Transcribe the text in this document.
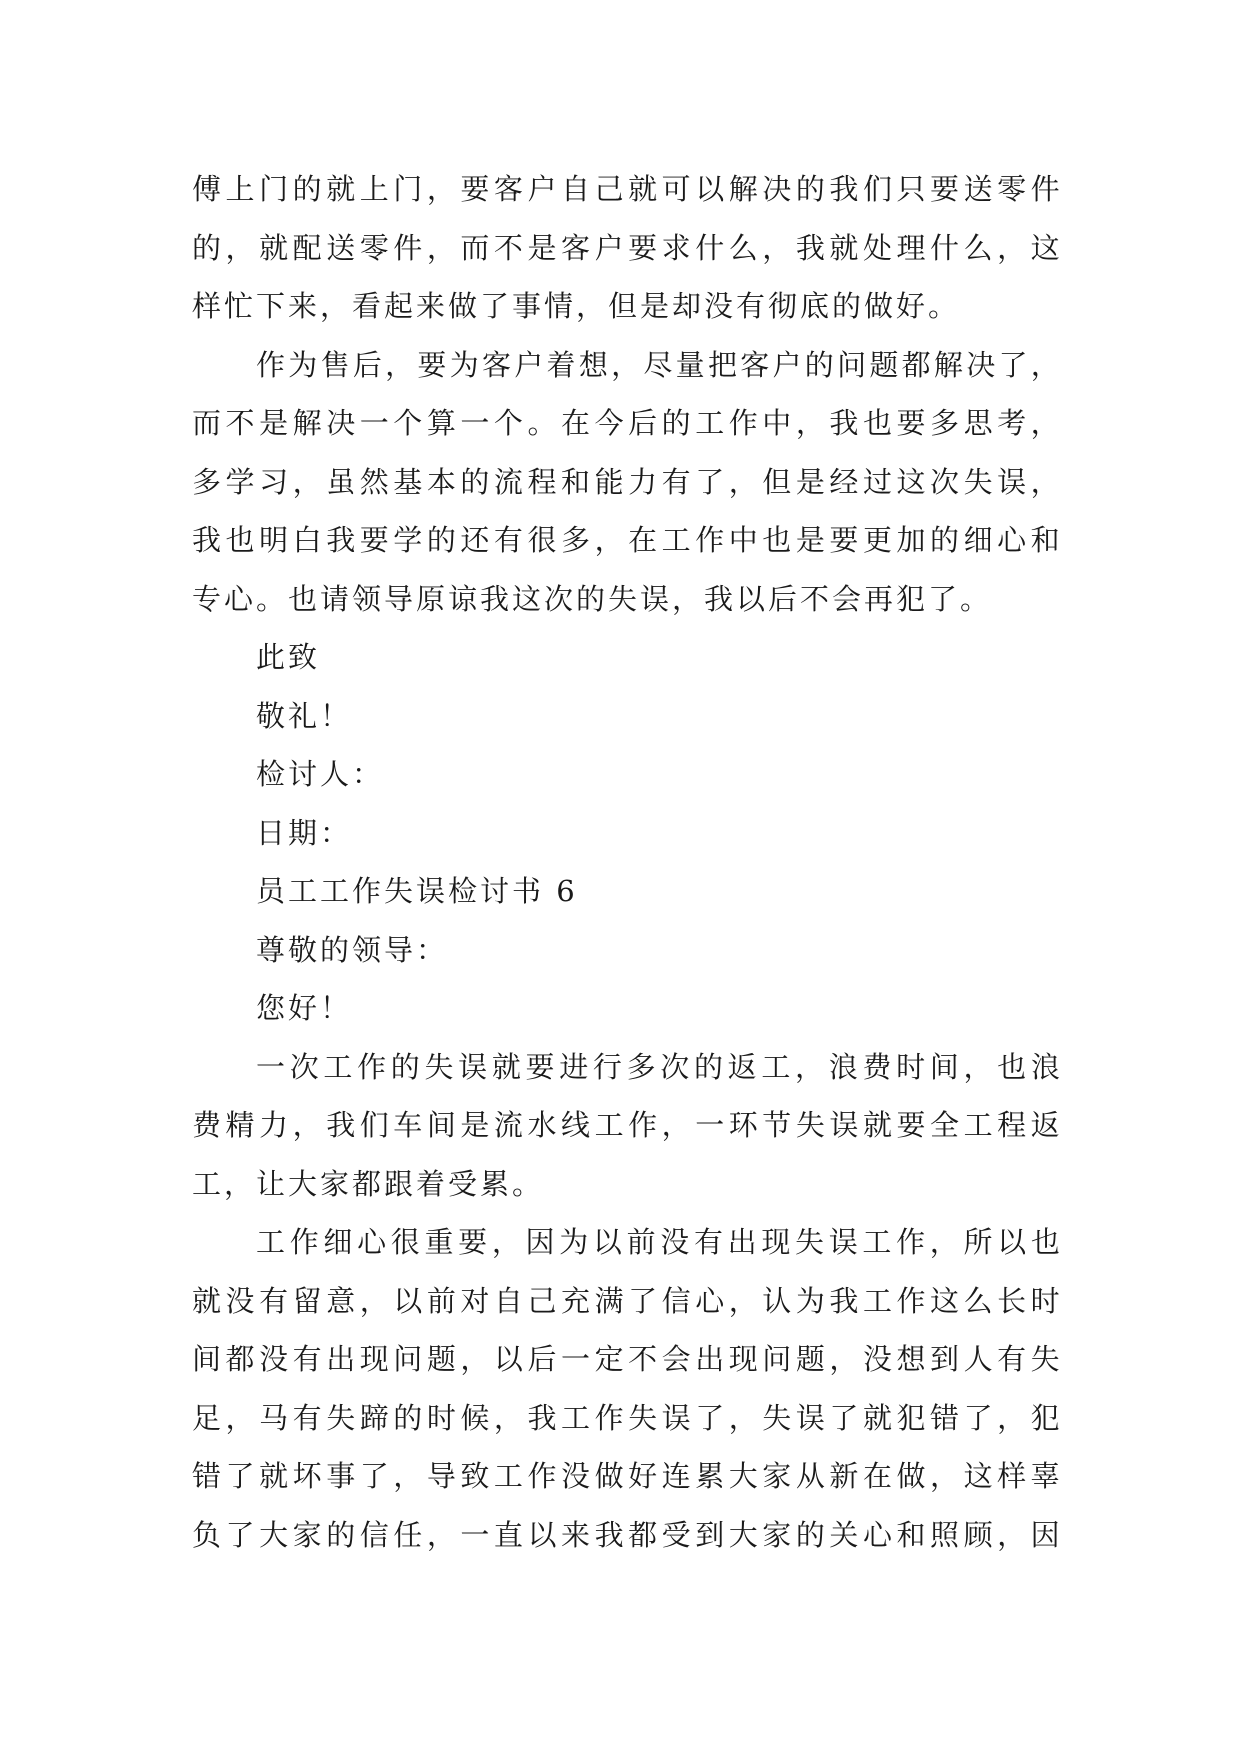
傅 上 门 的 就 上 门 ， 要 客 户 自 己 就 可 以 解 决 的 我 们 只 要 送 零 件
的 ， 就 配 送 零 件 ， 而 不 是 客 户 要 求 什 么 ， 我 就 处 理 什 么 ， 这
样忙下来，看起来做了事情，但是却没有彻底的做好。
作 为 售 后 ， 要 为 客 户 着 想 ， 尽 量 把 客 户 的 问 题 都 解 决 了 ，
而 不 是 解 决 一 个 算 一 个 。 在 今 后 的 工 作 中 ， 我 也 要 多 思 考 ，
多 学 习 ， 虽 然 基 本 的 流 程 和 能 力 有 了 ， 但 是 经 过 这 次 失 误 ，
我 也 明 白 我 要 学 的 还 有 很 多 ， 在 工 作 中 也 是 要 更 加 的 细 心 和
专心。也请领导原谅我这次的失误，我以后不会再犯了。
此致
敬礼！
检讨人：
日期：
员工工作失误检讨书 6
尊敬的领导：
您好！
一 次 工 作 的 失 误 就 要 进 行 多 次 的 返 工 ， 浪 费 时 间 ， 也 浪
费 精 力 ， 我 们 车 间 是 流 水 线 工 作 ， 一 环 节 失 误 就 要 全 工 程 返
工，让大家都跟着受累。
工 作 细 心 很 重 要 ， 因 为 以 前 没 有 出 现 失 误 工 作 ， 所 以 也
就 没 有 留 意 ， 以 前 对 自 己 充 满 了 信 心 ， 认 为 我 工 作 这 么 长 时
间 都 没 有 出 现 问 题 ， 以 后 一 定 不 会 出 现 问 题 ， 没 想 到 人 有 失
足 ， 马 有 失 蹄 的 时 候 ， 我 工 作 失 误 了 ， 失 误 了 就 犯 错 了 ， 犯
错 了 就 坏 事 了 ， 导 致 工 作 没 做 好 连 累 大 家 从 新 在 做 ， 这 样 辜
负 了 大 家 的 信 任 ， 一 直 以 来 我 都 受 到 大 家 的 关 心 和 照 顾 ， 因
